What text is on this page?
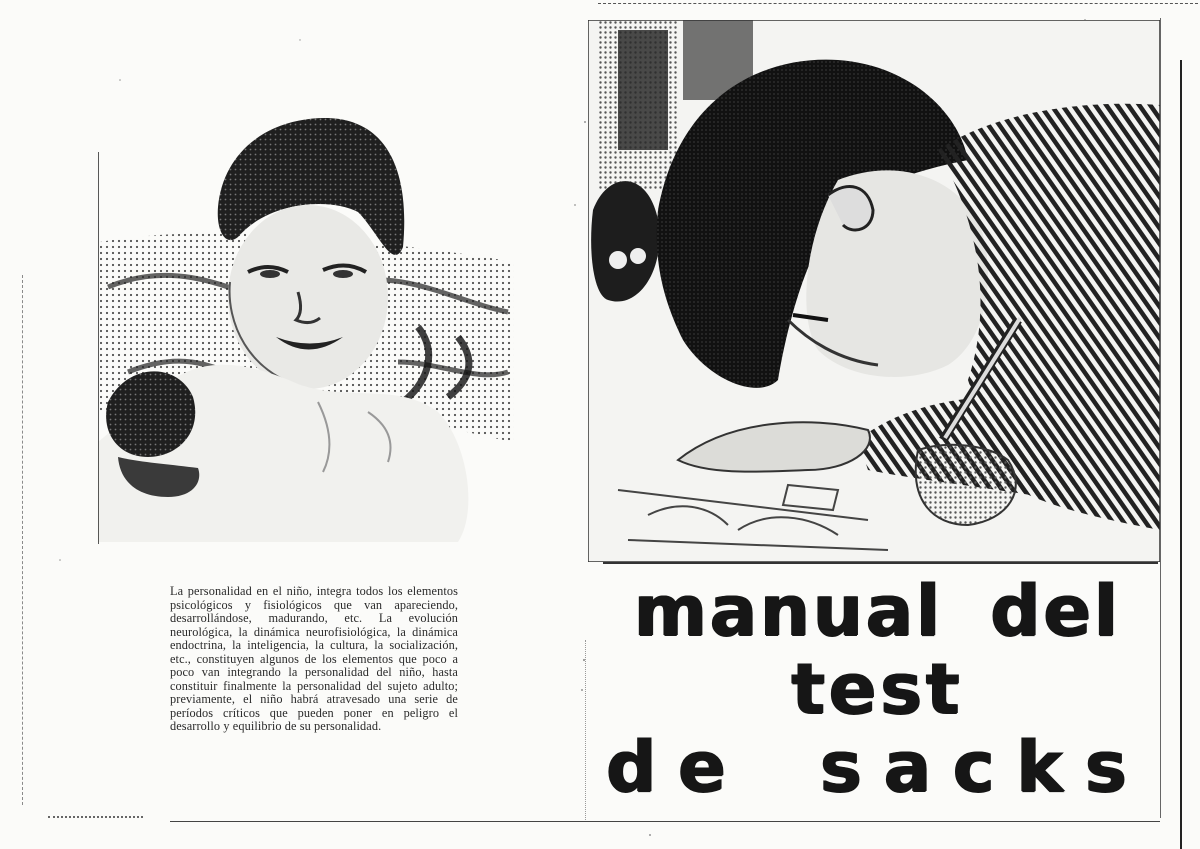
La personalidad en el niño, integra todos los elementos psicológicos y fisiológicos que van apareciendo, desarrollándose, madurando, etc. La evolución neurológica, la dinámica neurofisiológica, la dinámica endoctrina, la inteligencia, la cultura, la socialización, etc., constituyen algunos de los elementos que poco a poco van integrando la personalidad del niño, hasta constituir finalmente la personalidad del sujeto adulto; previamente, el niño habrá atravesado una serie de períodos críticos que pueden poner en peligro el desarrollo y equilibrio de su personalidad.

manual del
test
de sacks
